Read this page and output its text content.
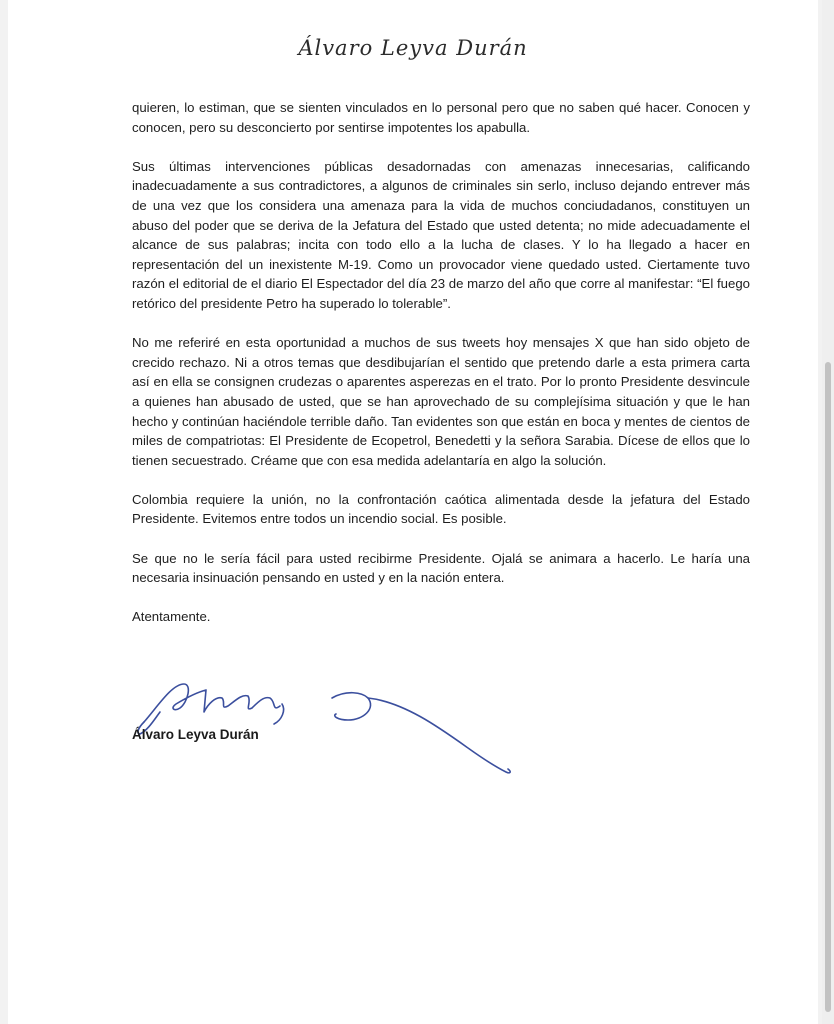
Álvaro Leyva Durán

quieren, lo estiman, que se sienten vinculados en lo personal pero que no saben qué hacer. Conocen y conocen, pero su desconcierto por sentirse impotentes los apabulla.

Sus últimas intervenciones públicas desadornadas con amenazas innecesarias, calificando inadecuadamente a sus contradictores, a algunos de criminales sin serlo, incluso dejando entrever más de una vez que los considera una amenaza para la vida de muchos conciudadanos, constituyen un abuso del poder que se deriva de la Jefatura del Estado que usted detenta; no mide adecuadamente el alcance de sus palabras; incita con todo ello a la lucha de clases. Y lo ha llegado a hacer en representación del un inexistente M-19. Como un provocador viene quedado usted. Ciertamente tuvo razón el editorial de el diario El Espectador del día 23 de marzo del año que corre al manifestar: “El fuego retórico del presidente Petro ha superado lo tolerable”.

No me referiré en esta oportunidad a muchos de sus tweets hoy mensajes X que han sido objeto de crecido rechazo. Ni a otros temas que desdibujarían el sentido que pretendo darle a esta primera carta así en ella se consignen crudezas o aparentes asperezas en el trato. Por lo pronto Presidente desvincule a quienes han abusado de usted, que se han aprovechado de su complejísima situación y que le han hecho y continúan haciéndole terrible daño. Tan evidentes son que están en boca y mentes de cientos de miles de compatriotas: El Presidente de Ecopetrol, Benedetti y la señora Sarabia. Dícese de ellos que lo tienen secuestrado. Créame que con esa medida adelantaría en algo la solución.

Colombia requiere la unión, no la confrontación caótica alimentada desde la jefatura del Estado Presidente. Evitemos entre todos un incendio social. Es posible.

Se que no le sería fácil para usted recibirme Presidente. Ojalá se animara a hacerlo. Le haría una necesaria insinuación pensando en usted y en la nación entera.

Atentamente.

Álvaro Leyva Durán
